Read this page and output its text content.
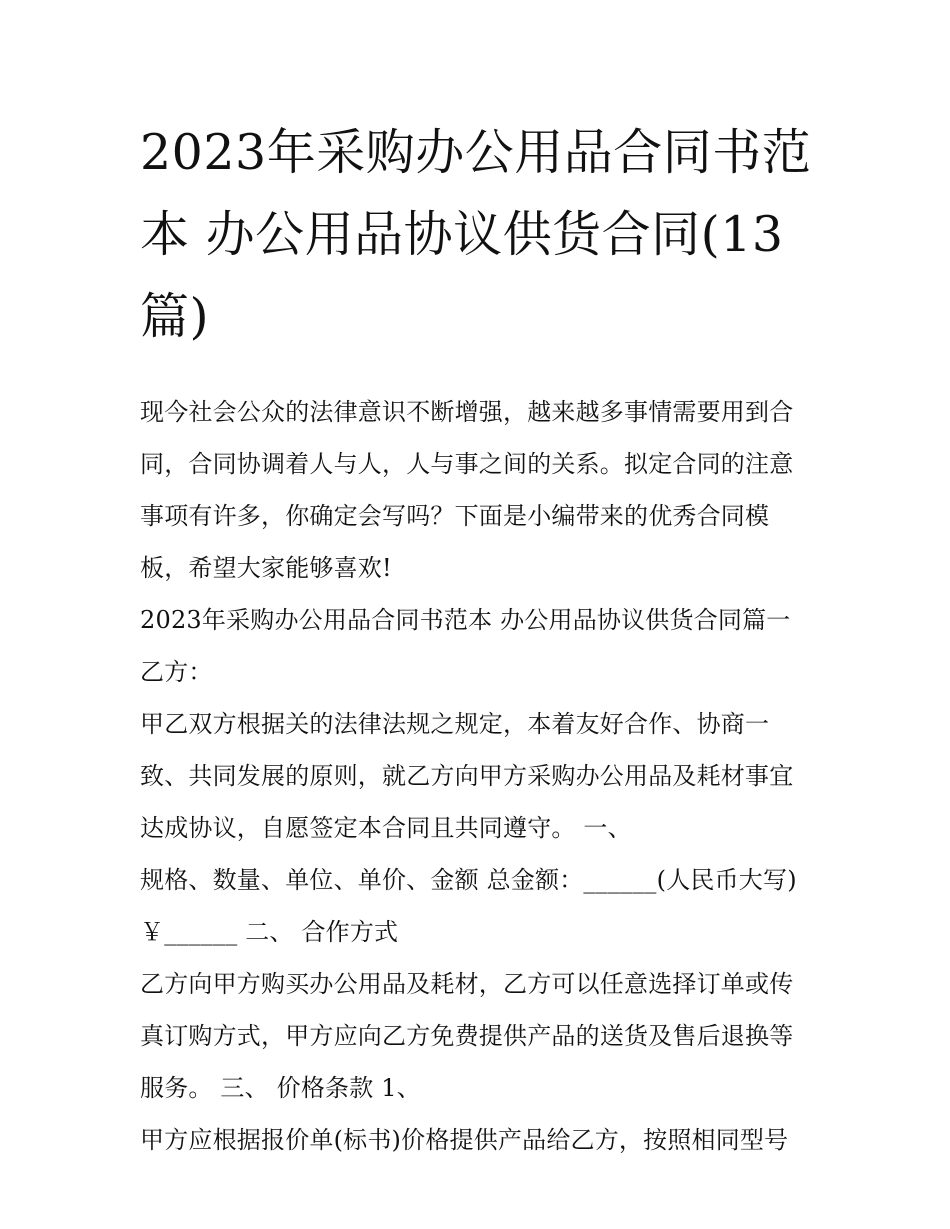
2023年采购办公用品合同书范本 办公用品协议供货合同(13篇)

现今社会公众的法律意识不断增强，越来越多事情需要用到合同，合同协调着人与人，人与事之间的关系。拟定合同的注意事项有许多，你确定会写吗？下面是小编带来的优秀合同模板，希望大家能够喜欢!

2023年采购办公用品合同书范本 办公用品协议供货合同篇一

乙方：

甲乙双方根据关的法律法规之规定，本着友好合作、协商一致、共同发展的原则，就乙方向甲方采购办公用品及耗材事宜达成协议，自愿签定本合同且共同遵守。 一、

规格、数量、单位、单价、金额 总金额：______(人民币大写)￥______ 二、 合作方式

乙方向甲方购买办公用品及耗材，乙方可以任意选择订单或传真订购方式，甲方应向乙方免费提供产品的送货及售后退换等服务。 三、 价格条款 1、

甲方应根据报价单(标书)价格提供产品给乙方，按照相同型号
